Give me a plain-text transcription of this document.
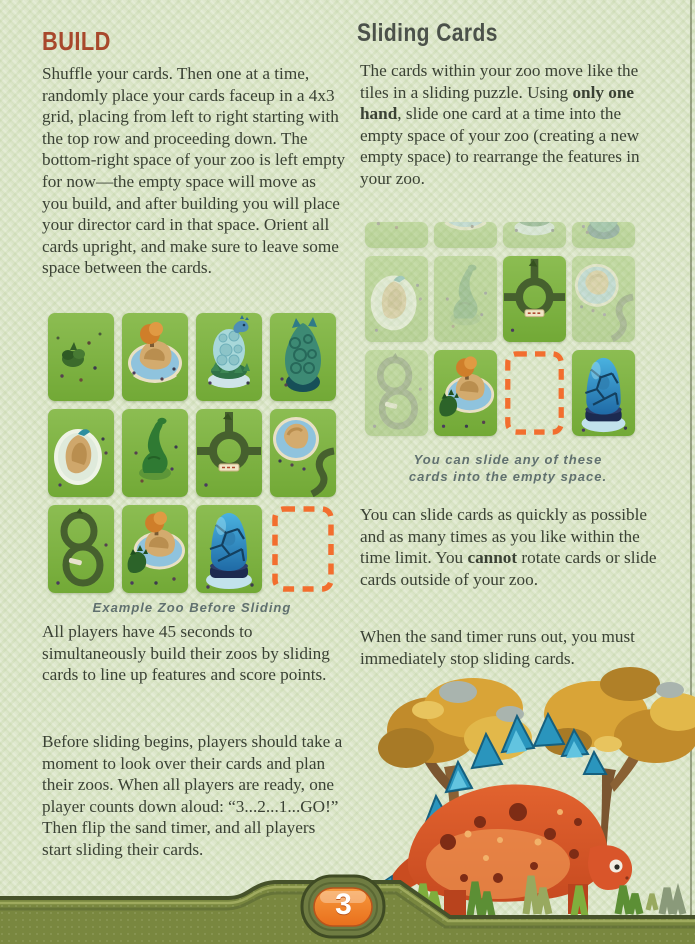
BUILD

Shuffle your cards. Then one at a time, randomly place your cards faceup in a 4x3 grid, placing from left to right starting with the top row and proceeding down. The bottom-right space of your zoo is left empty for now—the empty space will move as you build, and after building you will place your director card in that space. Orient all cards upright, and make sure to leave some space between the cards.

Example Zoo Before Sliding

All players have 45 seconds to simultaneously build their zoos by sliding cards to line up features and score points.

Before sliding begins, players should take a moment to look over their cards and plan their zoos. When all players are ready, one player counts down aloud: “3...2...1...GO!” Then flip the sand timer, and all players start sliding their cards.

Sliding Cards

The cards within your zoo move like the tiles in a sliding puzzle. Using only one hand, slide one card at a time into the empty space of your zoo (creating a new empty space) to rearrange the features in your zoo.

You can slide any of these
cards into the empty space.

You can slide cards as quickly as possible and as many times as you like within the time limit. You cannot rotate cards or slide cards outside of your zoo.

When the sand timer runs out, you must immediately stop sliding cards.

3
